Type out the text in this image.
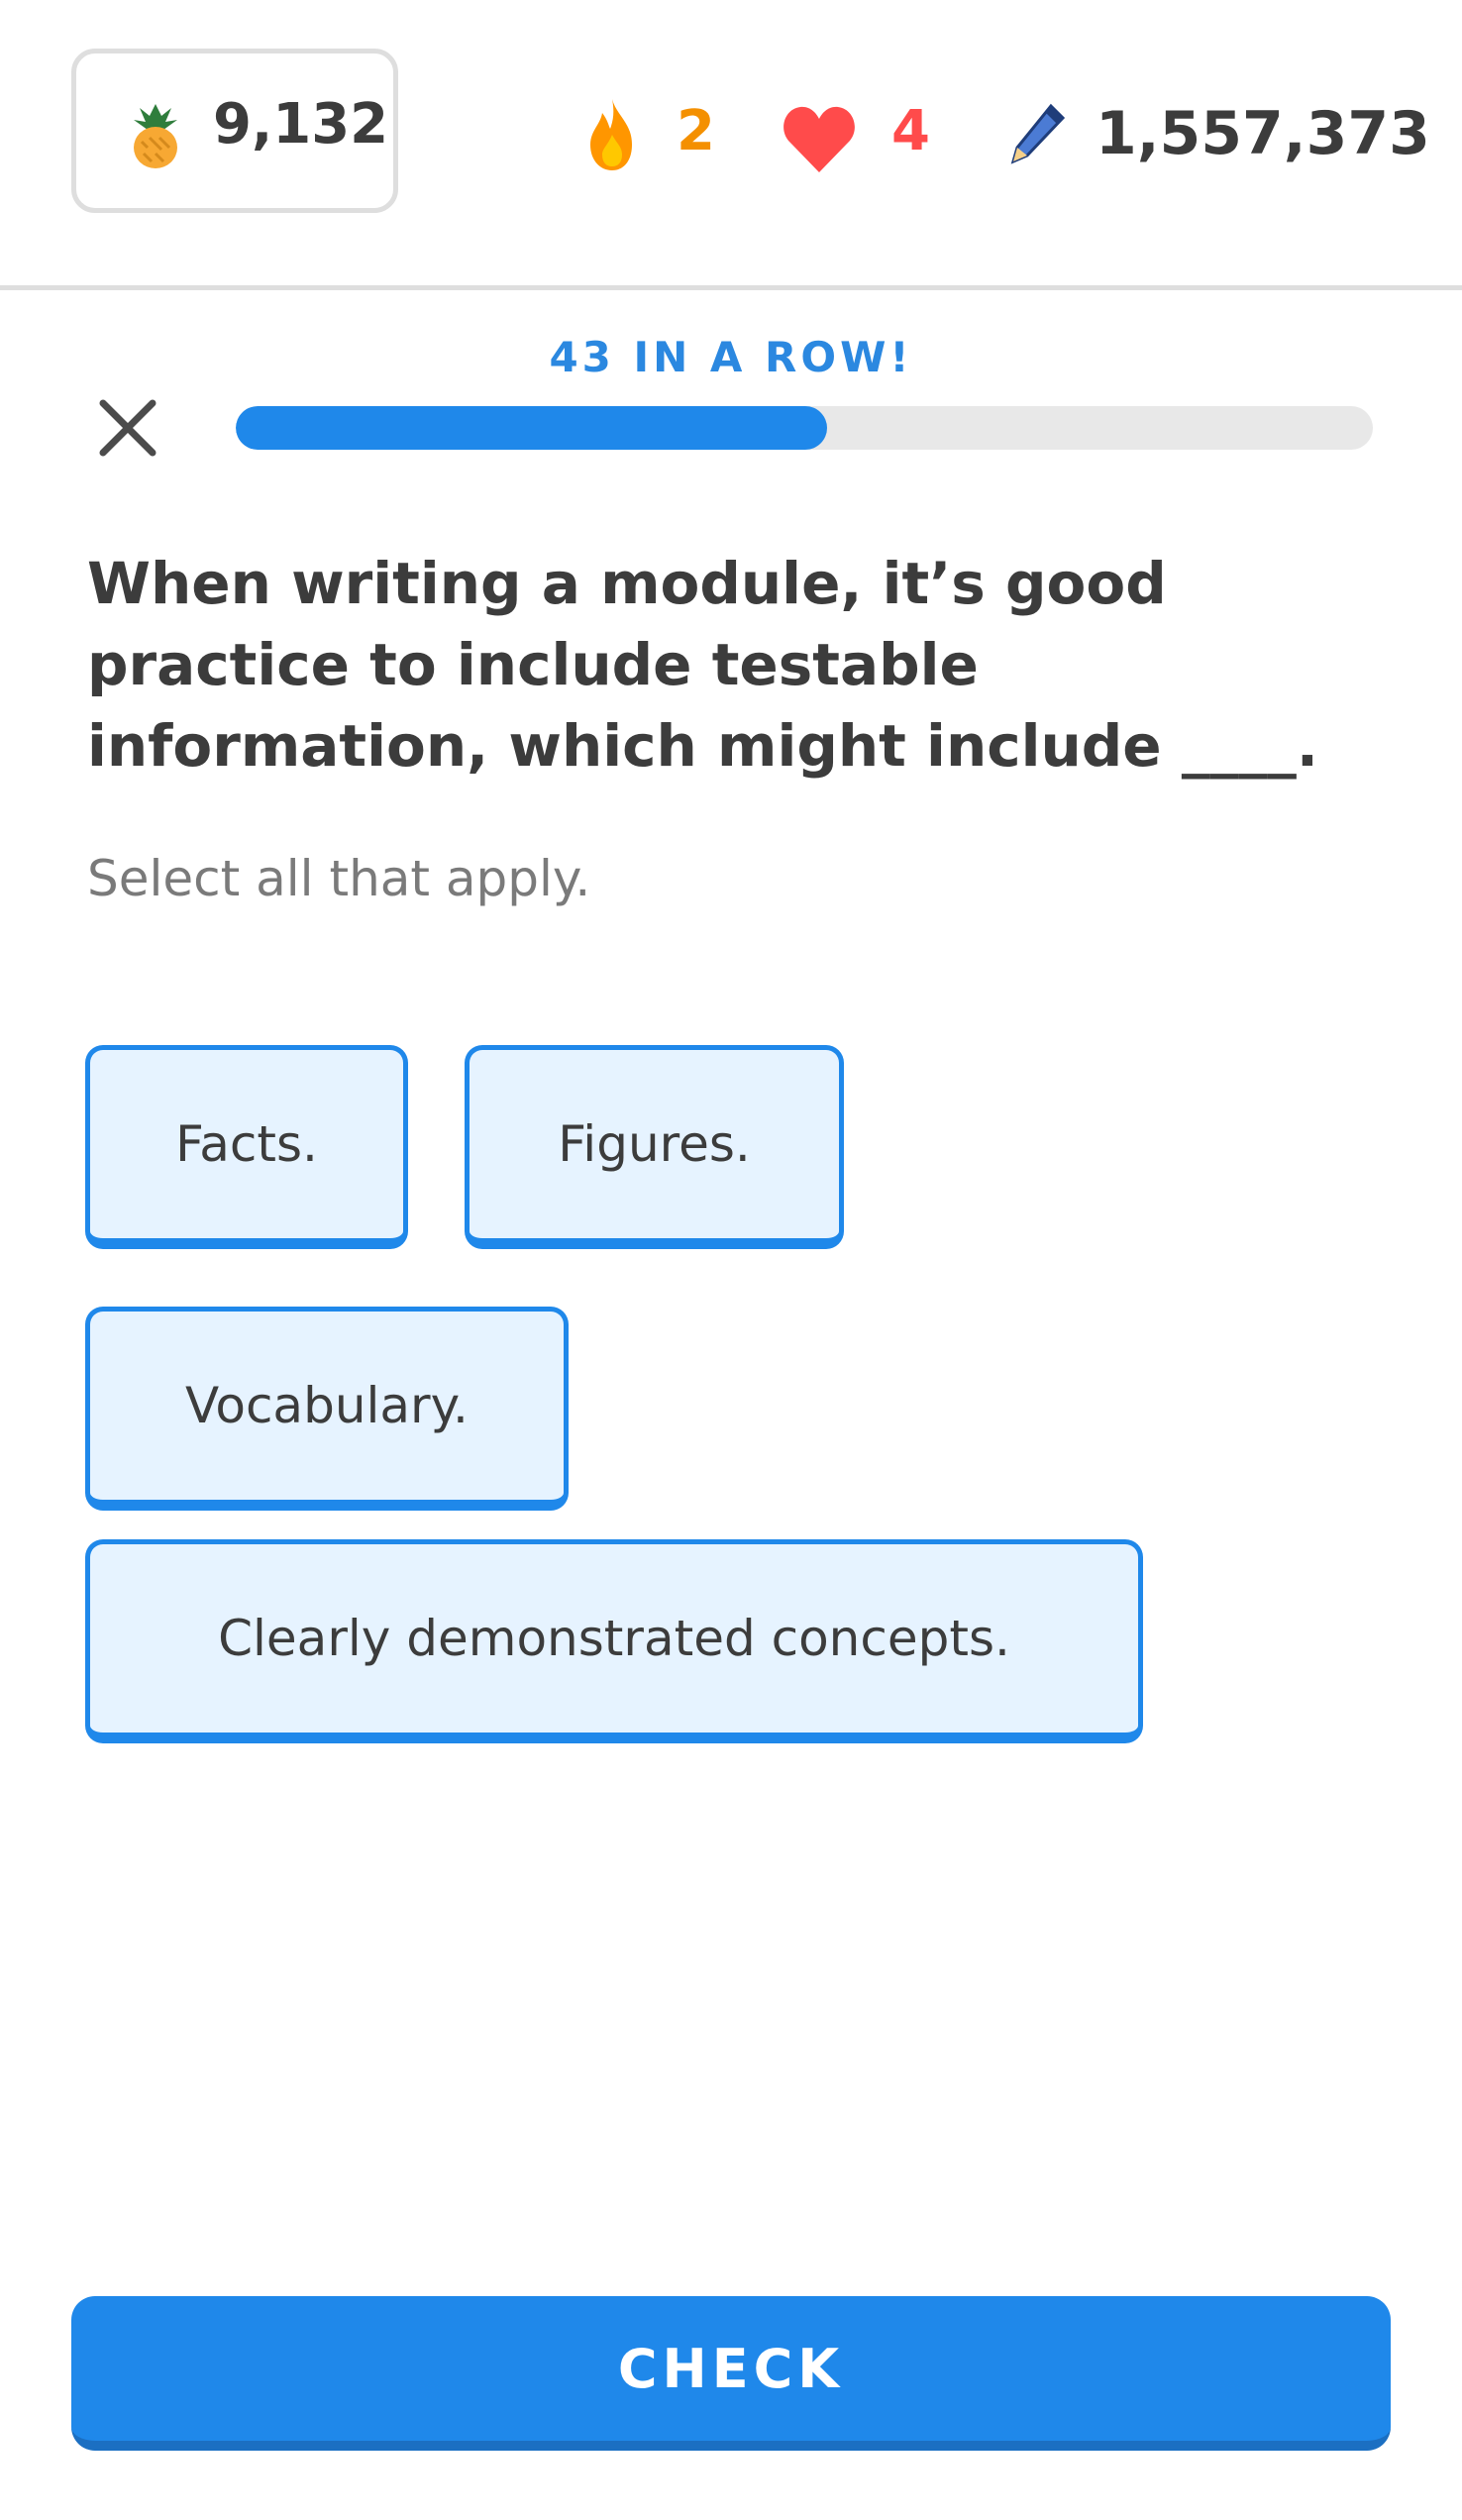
9,132	2	4	1,557,373
43 IN A ROW!
When writing a module, it’s good practice to include testable information, which might include ____.
Select all that apply.
Facts.	Figures.
Vocabulary.
Clearly demonstrated concepts.
CHECK
